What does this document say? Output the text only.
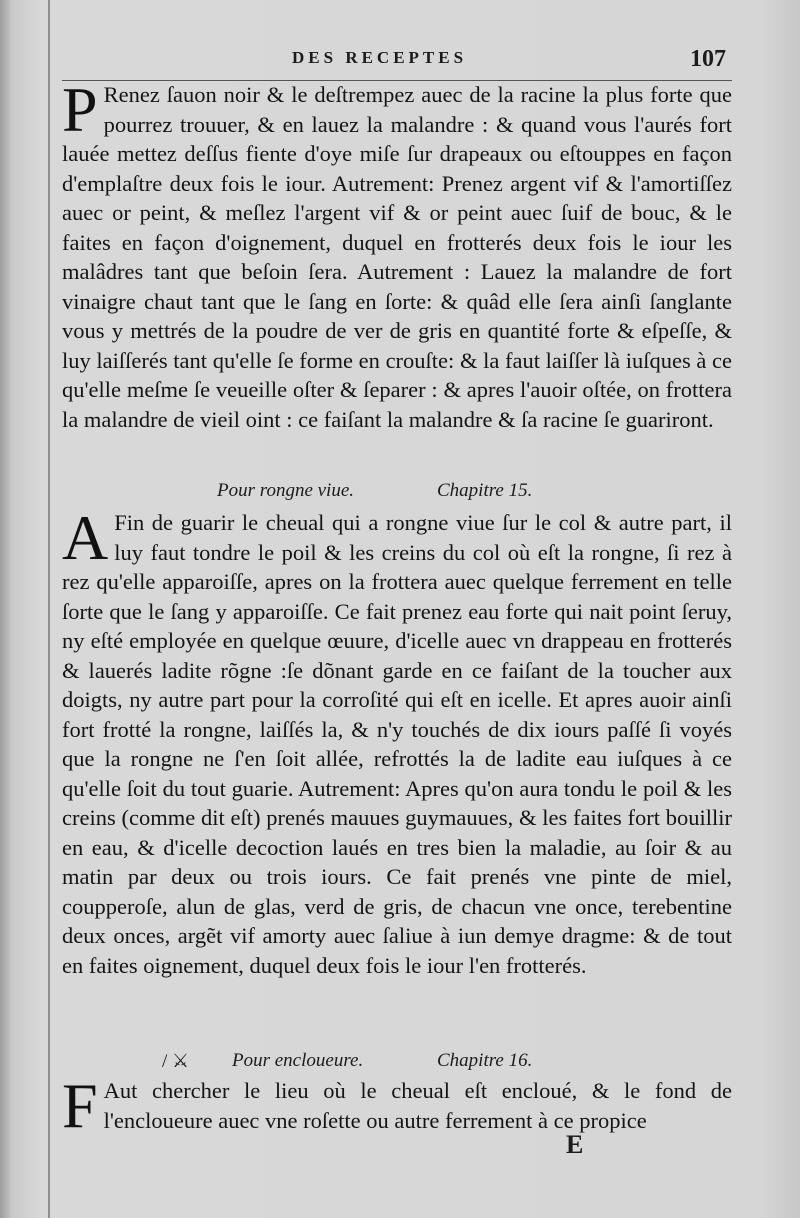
DES RECEPTES	107

P Renez ſauon noir & le deſtrempez auec de la racine la plus forte que pourrez trouuer, & en lauez la malandre : & quand vous l'aurés fort lauée mettez deſſus fiente d'oye miſe ſur drapeaux ou eſtouppes en façon d'emplaſtre deux fois le iour. Autrement: Prenez argent vif & l'amortiſſez auec or peint, & meſlez l'argent vif & or peint auec ſuif de bouc, & le faites en façon d'oignement, duquel en frotterés deux fois le iour les malâdres tant que beſoin ſera. Autrement : Lauez la malandre de fort vinaigre chaut tant que le ſang en ſorte: & quâd elle ſera ainſi ſanglante vous y mettrés de la poudre de ver de gris en quantité forte & eſpeſſe, & luy laiſſerés tant qu'elle ſe forme en crouſte: & la faut laiſſer là iuſques à ce qu'elle meſme ſe veueille oſter & ſeparer : & apres l'auoir oſtée, on frottera la malandre de vieil oint : ce faiſant la malandre & ſa racine ſe guariront.

Pour rongne viue.	Chapitre 15.

A Fin de guarir le cheual qui a rongne viue ſur le col & autre part, il luy faut tondre le poil & les creins du col où eſt la rongne, ſi rez à rez qu'elle apparoiſſe, apres on la frottera auec quelque ferrement en telle ſorte que le ſang y apparoiſſe. Ce fait prenez eau forte qui nait point ſeruy, ny eſté employée en quelque œuure, d'icelle auec vn drappeau en frotterés & lauerés ladite rõgne :ſe dõnant garde en ce faiſant de la toucher aux doigts, ny autre part pour la corroſité qui eſt en icelle. Et apres auoir ainſi fort frotté la rongne, laiſſés la, & n'y touchés de dix iours paſſé ſi voyés que la rongne ne ſ'en ſoit allée, refrottés la de ladite eau iuſques à ce qu'elle ſoit du tout guarie. Autrement: Apres qu'on aura tondu le poil & les creins (comme dit eſt) prenés mauues guymauues, & les faites fort bouillir en eau, & d'icelle decoction laués en tres bien la maladie, au ſoir & au matin par deux ou trois iours. Ce fait prenés vne pinte de miel, coupperoſe, alun de glas, verd de gris, de chacun vne once, terebentine deux onces, argẽt vif amorty auec ſaliue à iun demye dragme: & de tout en faites oignement, duquel deux fois le iour l'en frotterés.

/ ⚔ Pour encloueure.	Chapitre 16.

F Aut chercher le lieu où le cheual eſt encloué, & le fond de l'encloueure auec vne roſette ou autre ferrement à ce propice

E
